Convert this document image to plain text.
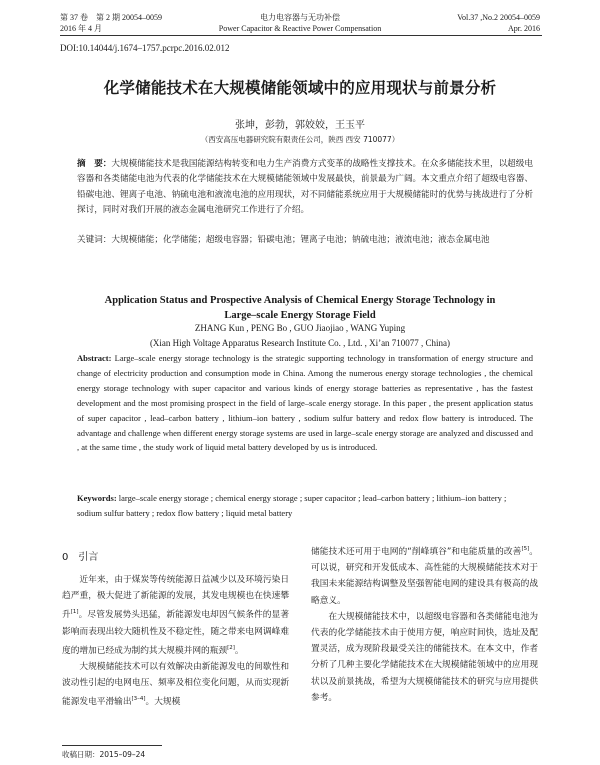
第 37 卷　第 2 期 20054–0059
2016 年 4 月
电力电容器与无功补偿
Power Capacitor & Reactive Power Compensation
Vol.37 ,No.2 20054–0059
Apr. 2016
DOI:10.14044/j.1674–1757.pcrpc.2016.02.012
化学储能技术在大规模储能领域中的应用现状与前景分析
张坤，彭勃，郭姣姣，王玉平
（西安高压电器研究院有限责任公司，陕西 西安 710077）
摘　要：大规模储能技术是我国能源结构转变和电力生产消费方式变革的战略性支撑技术。在众多储能技术里，以超级电容器和各类储能电池为代表的化学储能技术在大规模储能领域中发展最快，前景最为广阔。本文重点介绍了超级电容器、铅碳电池、锂离子电池、钠硫电池和液流电池的应用现状，对不同储能系统应用于大规模储能时的优势与挑战进行了分析探讨，同时对我们开展的液态金属电池研究工作进行了介绍。
关键词：大规模储能；化学储能；超级电容器；铅碳电池；锂离子电池；钠硫电池；液流电池；液态金属电池
Application Status and Prospective Analysis of Chemical Energy Storage Technology in
Large–scale Energy Storage Field
ZHANG Kun , PENG Bo , GUO Jiaojiao , WANG Yuping
(Xian High Voltage Apparatus Research Institute Co. , Ltd. , Xi’an 710077 , China)
Abstract: Large–scale energy storage technology is the strategic supporting technology in transformation of energy structure and change of electricity production and consumption mode in China. Among the numerous energy storage technologies , the chemical energy storage technology with super capacitor and various kinds of energy storage batteries as representative , has the fastest development and the most promising prospect in the field of large–scale energy storage. In this paper , the present application status of super capacitor , lead–carbon battery , lithium–ion battery , sodium sulfur battery and redox flow battery is introduced. The advantage and challenge when different energy storage systems are used in large–scale energy storage are analyzed and discussed and , at the same time , the study work of liquid metal battery developed by us is introduced.
Keywords: large–scale energy storage ; chemical energy storage ; super capacitor ; lead–carbon battery ; lithium–ion battery ; sodium sulfur battery ; redox flow battery ; liquid metal battery
0 引言

近年来，由于煤炭等传统能源日益减少以及环境污染日趋严重，极大促进了新能源的发展，其发电规模也在快速攀升[1]。尽管发展势头迅猛，新能源发电却因气候条件的显著影响而表现出较大随机性及不稳定性，随之带来电网调峰难度的增加已经成为制约其大规模并网的瓶颈[2]。

大规模储能技术可以有效解决由新能源发电的间歇性和波动性引起的电网电压、频率及相位变化问题，从而实现新能源发电平滑输出[3–4]。大规模

储能技术还可用于电网的“削峰填谷”和电能质量的改善[5]。可以说，研究和开发低成本、高性能的大规模储能技术对于我国未来能源结构调整及坚强智能电网的建设具有极高的战略意义。

在大规模储能技术中，以超级电容器和各类储能电池为代表的化学储能技术由于使用方便，响应时间快，选址及配置灵活，成为现阶段最受关注的储能技术。在本文中，作者分析了几种主要化学储能技术在大规模储能领域中的应用现状以及前景挑战，希望为大规模储能技术的研究与应用提供参考。

收稿日期：2015–09–24
